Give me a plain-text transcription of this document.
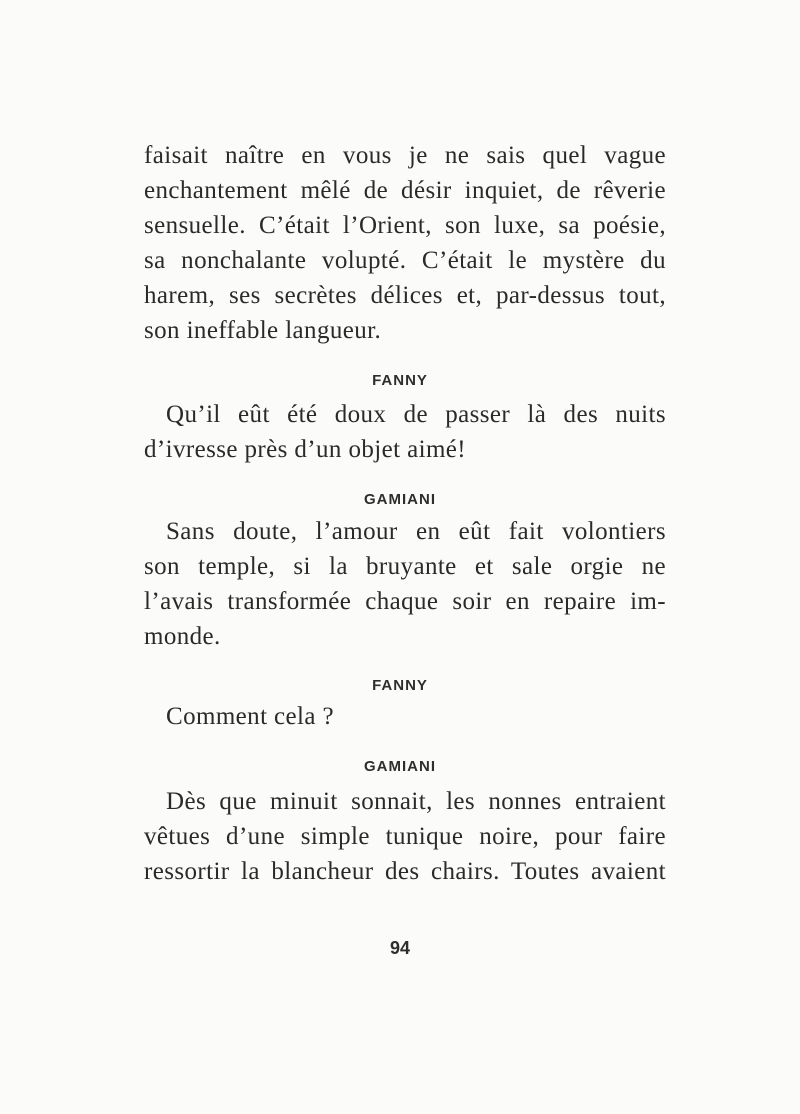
faisait naître en vous je ne sais quel vague
enchantement mêlé de désir inquiet, de rêverie
sensuelle. C’était l’Orient, son luxe, sa poésie,
sa nonchalante volupté. C’était le mystère du
harem, ses secrètes délices et, par-dessus tout,
son ineffable langueur.
FANNY
Qu’il eût été doux de passer là des nuits
d’ivresse près d’un objet aimé!
GAMIANI
Sans doute, l’amour en eût fait volontiers
son temple, si la bruyante et sale orgie ne
l’avais transformée chaque soir en repaire im-
monde.
FANNY
Comment cela ?
GAMIANI
Dès que minuit sonnait, les nonnes entraient
vêtues d’une simple tunique noire, pour faire
ressortir la blancheur des chairs. Toutes avaient
94
